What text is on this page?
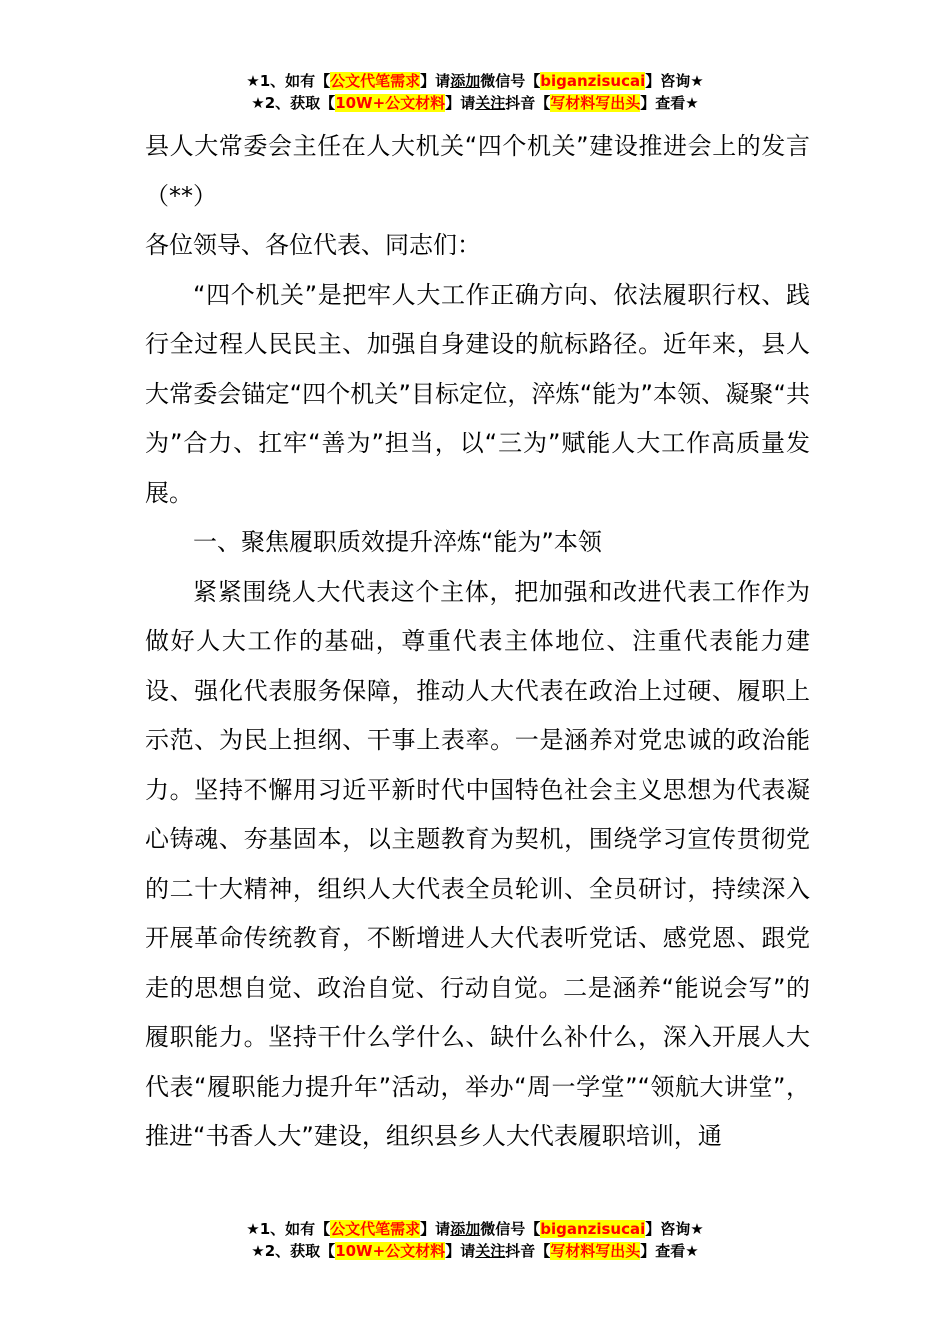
★1、如有【公文代笔需求】请添加微信号【biganzisucai】咨询★
★2、获取【10W+公文材料】请关注抖音【写材料写出头】查看★
县人大常委会主任在人大机关“四个机关”建设推进会上的发言（**）

各位领导、各位代表、同志们：

“四个机关”是把牢人大工作正确方向、依法履职行权、践行全过程人民民主、加强自身建设的航标路径。近年来，县人大常委会锚定“四个机关”目标定位，淬炼“能为”本领、凝聚“共为”合力、扛牢“善为”担当，以“三为”赋能人大工作高质量发展。

一、聚焦履职质效提升淬炼“能为”本领

紧紧围绕人大代表这个主体，把加强和改进代表工作作为做好人大工作的基础，尊重代表主体地位、注重代表能力建设、强化代表服务保障，推动人大代表在政治上过硬、履职上示范、为民上担纲、干事上表率。一是涵养对党忠诚的政治能力。坚持不懈用习近平新时代中国特色社会主义思想为代表凝心铸魂、夯基固本，以主题教育为契机，围绕学习宣传贯彻党的二十大精神，组织人大代表全员轮训、全员研讨，持续深入开展革命传统教育，不断增进人大代表听党话、感党恩、跟党走的思想自觉、政治自觉、行动自觉。二是涵养“能说会写”的履职能力。坚持干什么学什么、缺什么补什么，深入开展人大代表“履职能力提升年”活动，举办“周一学堂”“领航大讲堂”，推进“书香人大”建设，组织县乡人大代表履职培训，通

★1、如有【公文代笔需求】请添加微信号【biganzisucai】咨询★
★2、获取【10W+公文材料】请关注抖音【写材料写出头】查看★
